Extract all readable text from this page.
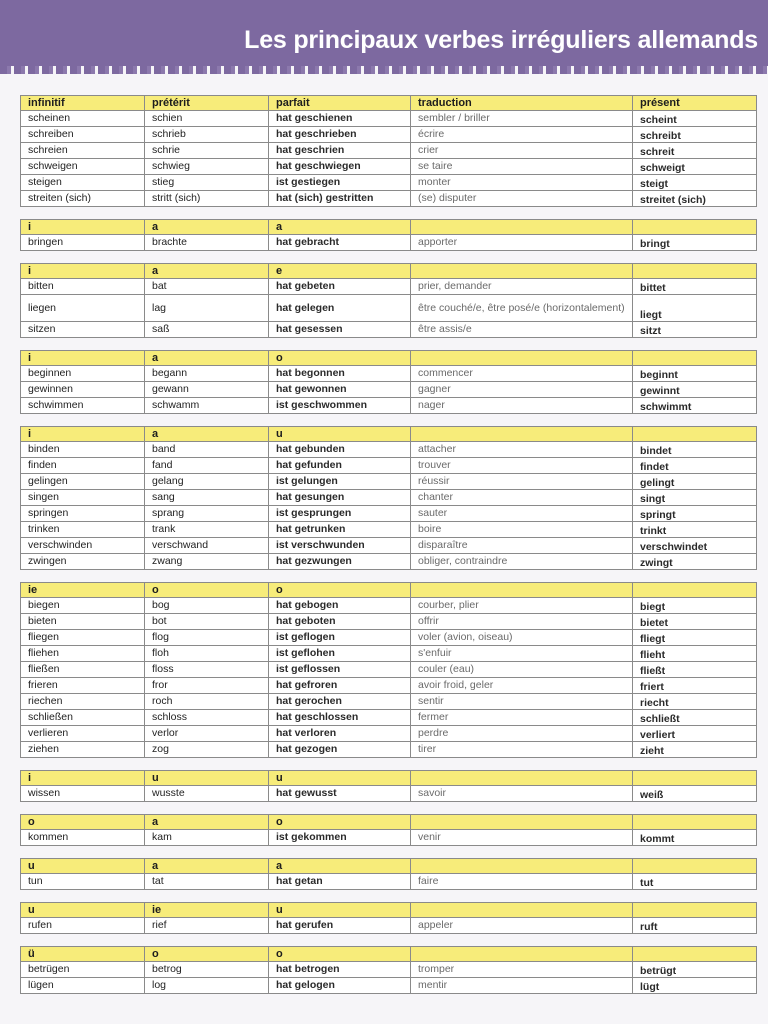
Les principaux verbes irréguliers allemands
infinitif	prétérit	parfait	traduction	présent
scheinen	schien	hat geschienen	sembler / briller	scheint
schreiben	schrieb	hat geschrieben	écrire	schreibt
schreien	schrie	hat geschrien	crier	schreit
schweigen	schwieg	hat geschwiegen	se taire	schweigt
steigen	stieg	ist gestiegen	monter	steigt
streiten (sich)	stritt (sich)	hat (sich) gestritten	(se) disputer	streitet (sich)
i	a	a		
bringen	brachte	hat gebracht	apporter	bringt
i	a	e		
bitten	bat	hat gebeten	prier, demander	bittet
liegen	lag	hat gelegen	être couché/e, être posé/e (horizontalement)	liegt
sitzen	saß	hat gesessen	être assis/e	sitzt
i	a	o		
beginnen	begann	hat begonnen	commencer	beginnt
gewinnen	gewann	hat gewonnen	gagner	gewinnt
schwimmen	schwamm	ist geschwommen	nager	schwimmt
i	a	u		
binden	band	hat gebunden	attacher	bindet
finden	fand	hat gefunden	trouver	findet
gelingen	gelang	ist gelungen	réussir	gelingt
singen	sang	hat gesungen	chanter	singt
springen	sprang	ist gesprungen	sauter	springt
trinken	trank	hat getrunken	boire	trinkt
verschwinden	verschwand	ist verschwunden	disparaître	verschwindet
zwingen	zwang	hat gezwungen	obliger, contraindre	zwingt
ie	o	o		
biegen	bog	hat gebogen	courber, plier	biegt
bieten	bot	hat geboten	offrir	bietet
fliegen	flog	ist geflogen	voler (avion, oiseau)	fliegt
fliehen	floh	ist geflohen	s'enfuir	flieht
fließen	floss	ist geflossen	couler (eau)	fließt
frieren	fror	hat gefroren	avoir froid, geler	friert
riechen	roch	hat gerochen	sentir	riecht
schließen	schloss	hat geschlossen	fermer	schließt
verlieren	verlor	hat verloren	perdre	verliert
ziehen	zog	hat gezogen	tirer	zieht
i	u	u		
wissen	wusste	hat gewusst	savoir	weiß
o	a	o		
kommen	kam	ist gekommen	venir	kommt
u	a	a		
tun	tat	hat getan	faire	tut
u	ie	u		
rufen	rief	hat gerufen	appeler	ruft
ü	o	o		
betrügen	betrog	hat betrogen	tromper	betrügt
lügen	log	hat gelogen	mentir	lügt
